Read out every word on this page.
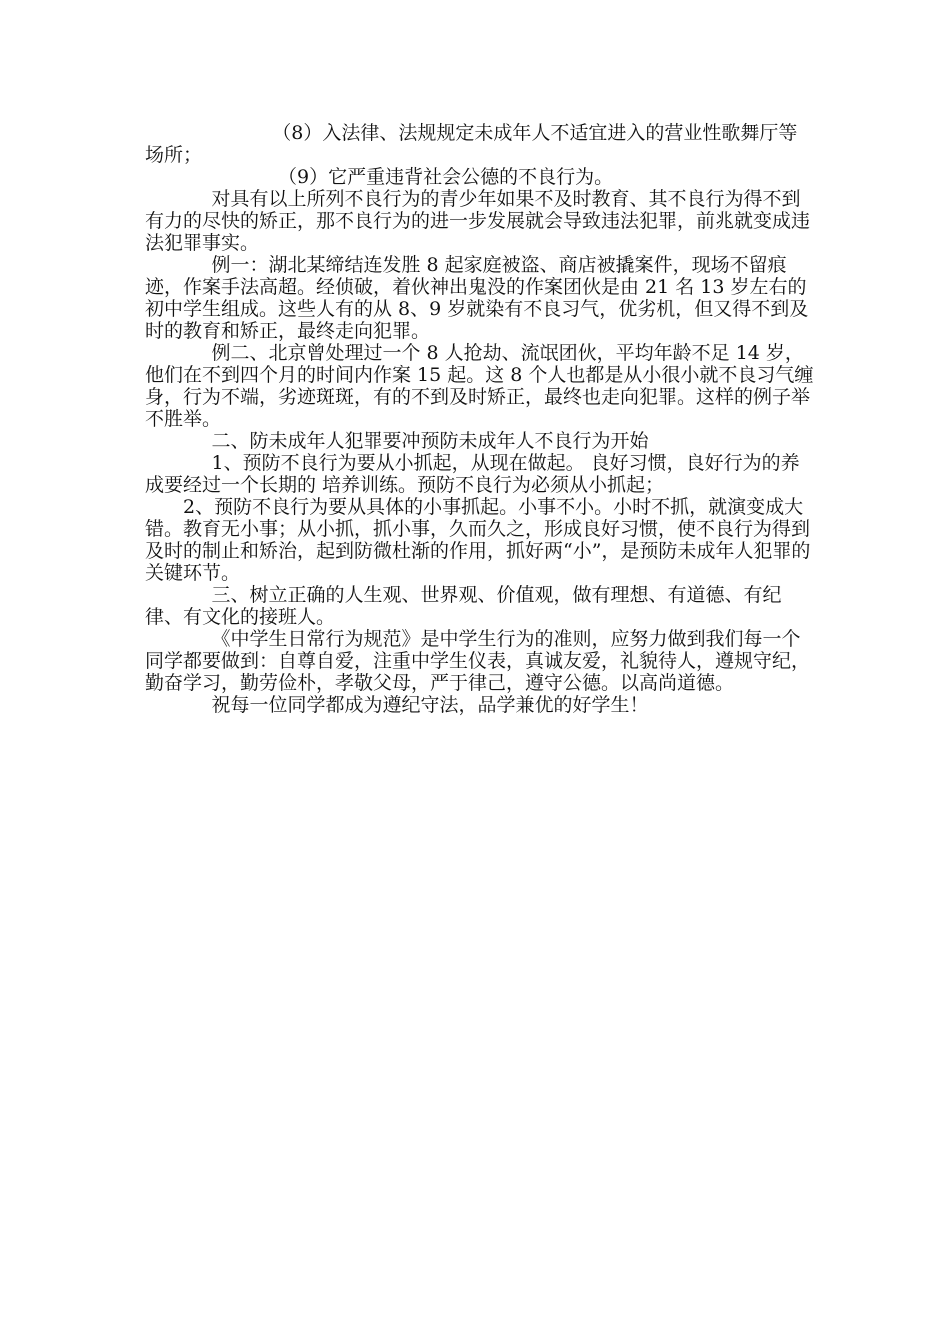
（8）入法律、法规规定未成年人不适宜进入的营业性歌舞厅等场所；

（9）它严重违背社会公德的不良行为。

对具有以上所列不良行为的青少年如果不及时教育、其不良行为得不到有力的尽快的矫正，那不良行为的进一步发展就会导致违法犯罪，前兆就变成违法犯罪事实。

例一：湖北某缔结连发胜 8 起家庭被盗、商店被撬案件，现场不留痕迹，作案手法高超。经侦破，着伙神出鬼没的作案团伙是由 21 名 13 岁左右的初中学生组成。这些人有的从 8、9 岁就染有不良习气，优劣机，但又得不到及时的教育和矫正，最终走向犯罪。

例二、北京曾处理过一个 8 人抢劫、流氓团伙，平均年龄不足 14 岁，他们在不到四个月的时间内作案 15 起。这 8 个人也都是从小很小就不良习气缠身，行为不端，劣迹斑斑，有的不到及时矫正，最终也走向犯罪。这样的例子举不胜举。

二、防未成年人犯罪要冲预防未成年人不良行为开始

1、预防不良行为要从小抓起，从现在做起。 良好习惯，良好行为的养成要经过一个长期的 培养训练。预防不良行为必须从小抓起；

2、预防不良行为要从具体的小事抓起。小事不小。小时不抓，就演变成大错。教育无小事；从小抓，抓小事，久而久之，形成良好习惯，使不良行为得到及时的制止和矫治，起到防微杜渐的作用，抓好两“小”，是预防未成年人犯罪的关键环节。

三、树立正确的人生观、世界观、价值观，做有理想、有道德、有纪律、有文化的接班人。

《中学生日常行为规范》是中学生行为的准则，应努力做到我们每一个同学都要做到：自尊自爱，注重中学生仪表，真诚友爱，礼貌待人，遵规守纪，勤奋学习，勤劳俭朴，孝敬父母，严于律己，遵守公德。以高尚道德。

祝每一位同学都成为遵纪守法，品学兼优的好学生！
